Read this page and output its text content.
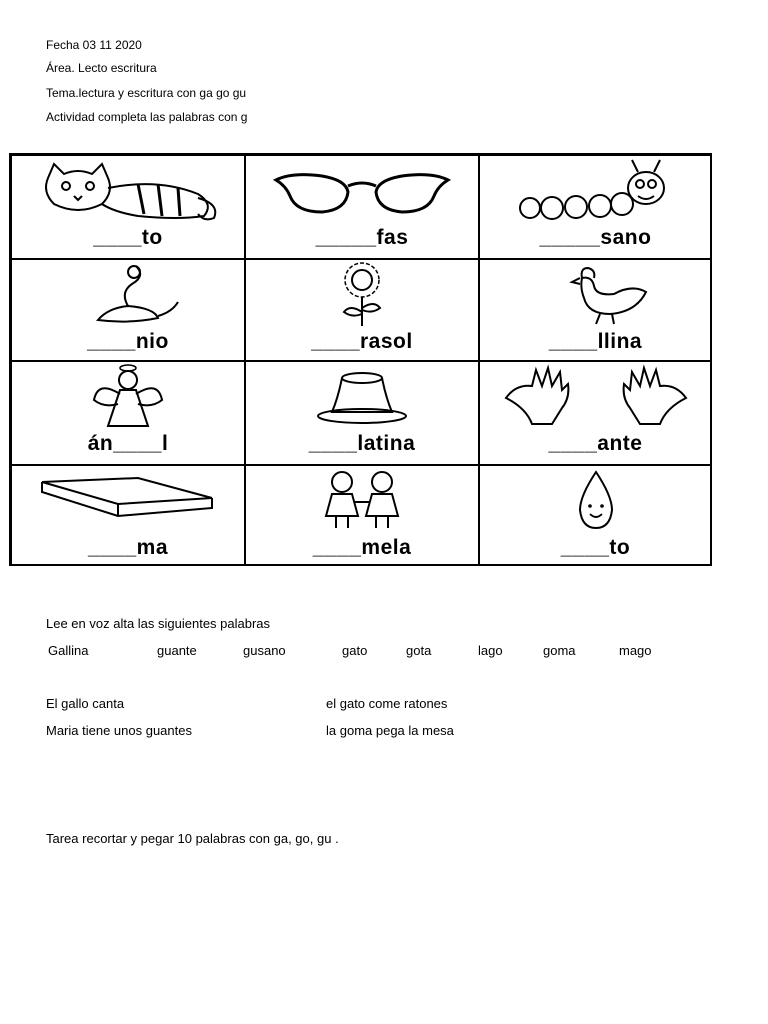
Fecha 03 11 2020
Área. Lecto escritura
Tema.lectura y escritura con ga go gu
Actividad completa las palabras con g
____to	_____fas	_____sano
____nio	____rasol	____llina
án____l	____latina	____ante
____ma	____mela	____to
Lee en voz alta las siguientes palabras
Gallina	guante	gusano	gato	gota	lago	goma	mago
El gallo canta	el gato come ratones
Maria tiene unos guantes	la goma pega la mesa
Tarea recortar y pegar 10 palabras con ga, go, gu .
